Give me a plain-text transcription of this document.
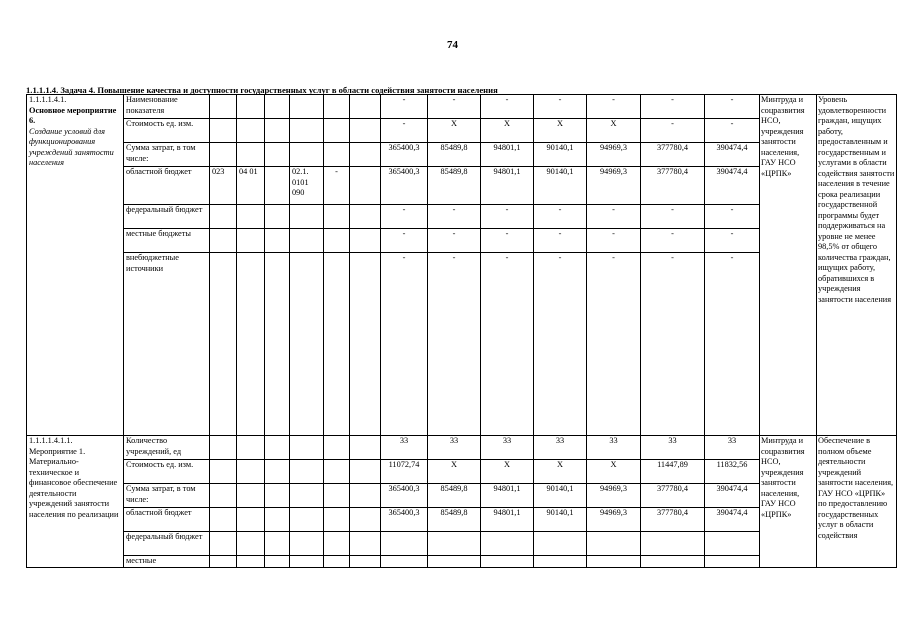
74
1.1.1.1.4. Задача 4. Повышение качества и доступности государственных услуг в области содействия занятости населения
1.1.1.1.4.1.
Основное мероприятие 6.
Создание условий для функционирования учреждений занятости населения
	Наименование показателя							-	-	-	-	-	-	-	Минтруда и соцразвития НСО, учреждения занятости населения, ГАУ НСО «ЦРПК»	Уровень удовлетворенности граждан, ищущих работу, предоставленным и государственным и услугами в области содействия занятости населения в течение срока реализации государственной программы будет поддерживаться на уровне не менее 98,5% от общего количества граждан, ищущих работу, обратившихся в учреждения занятости населения
Стоимость ед. изм.							-	X	X	X	X	-	-
Сумма затрат, в том числе:							365400,3	85489,8	94801,1	90140,1	94969,3	377780,4	390474,4
областной бюджет	023	04 01		02.1. 0101 090	-		365400,3	85489,8	94801,1	90140,1	94969,3	377780,4	390474,4
федеральный бюджет							-	-	-	-	-	-	-
местные бюджеты							-	-	-	-	-	-	-
внебюджетные источники							-	-	-	-	-	-	-

1.1.1.1.4.1.1.
Мероприятие 1. Материально-техническое и финансовое обеспечение деятельности учреждений занятости населения по реализации
	Количество учреждений, ед							33	33	33	33	33	33	33	Минтруда и соцразвития НСО, учреждения занятости населения, ГАУ НСО «ЦРПК»	Обеспечение в полном объеме деятельности учреждений занятости населения, ГАУ НСО «ЦРПК» по предоставлению государственных услуг в области содействия
Стоимость ед. изм.							11072,74	X	X	X	X	11447,89	11832,56
Сумма затрат, в том числе:							365400,3	85489,8	94801,1	90140,1	94969,3	377780,4	390474,4
областной бюджет							365400,3	85489,8	94801,1	90140,1	94969,3	377780,4	390474,4
федеральный бюджет													
местные													
